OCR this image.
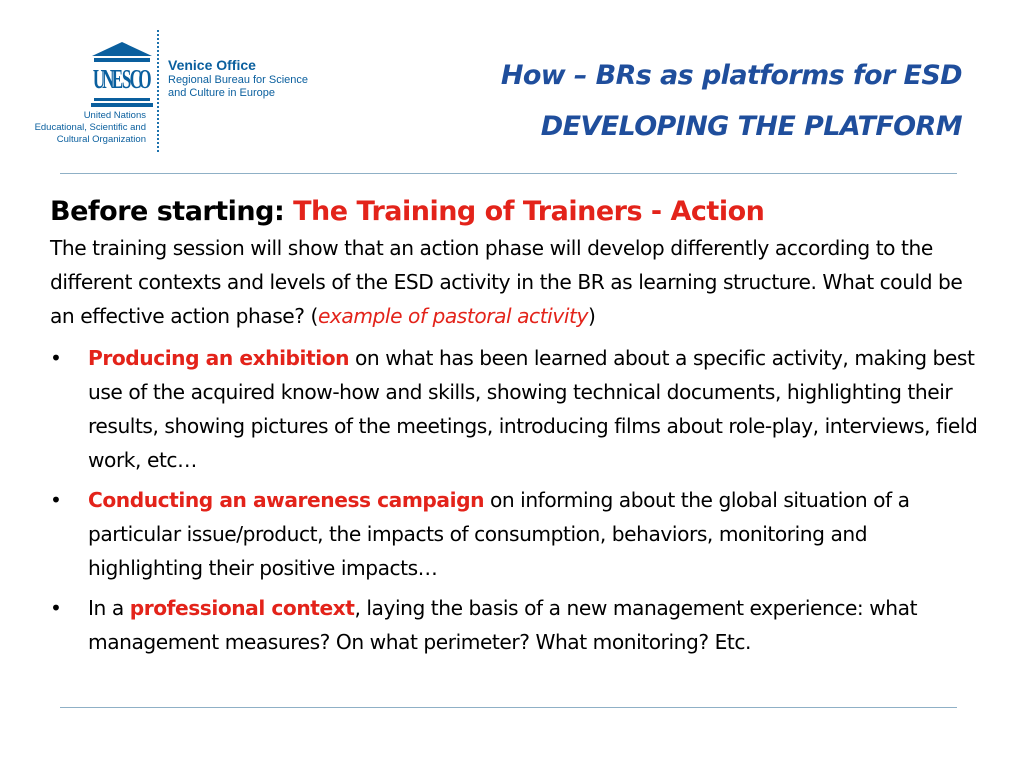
U
N
E
S
C
O
United Nations
Educational, Scientific and
Cultural Organization
Venice Office
Regional Bureau for Science
and Culture in Europe
How – BRs as platforms for ESD
DEVELOPING THE PLATFORM
Before starting: The Training of Trainers - Action
The training session will show that an action phase will develop differently according to the different contexts and levels of the ESD activity in the BR as learning structure. What could be an effective action phase? (example of pastoral activity)
• Producing an exhibition on what has been learned about a specific activity, making best use of the acquired know-how and skills, showing technical documents, highlighting their results, showing pictures of the meetings, introducing films about role-play, interviews, field work, etc…
• Conducting an awareness campaign on informing about the global situation of a particular issue/product, the impacts of consumption, behaviors, monitoring and highlighting their positive impacts…
• In a professional context, laying the basis of a new management experience: what management measures? On what perimeter? What monitoring? Etc.
